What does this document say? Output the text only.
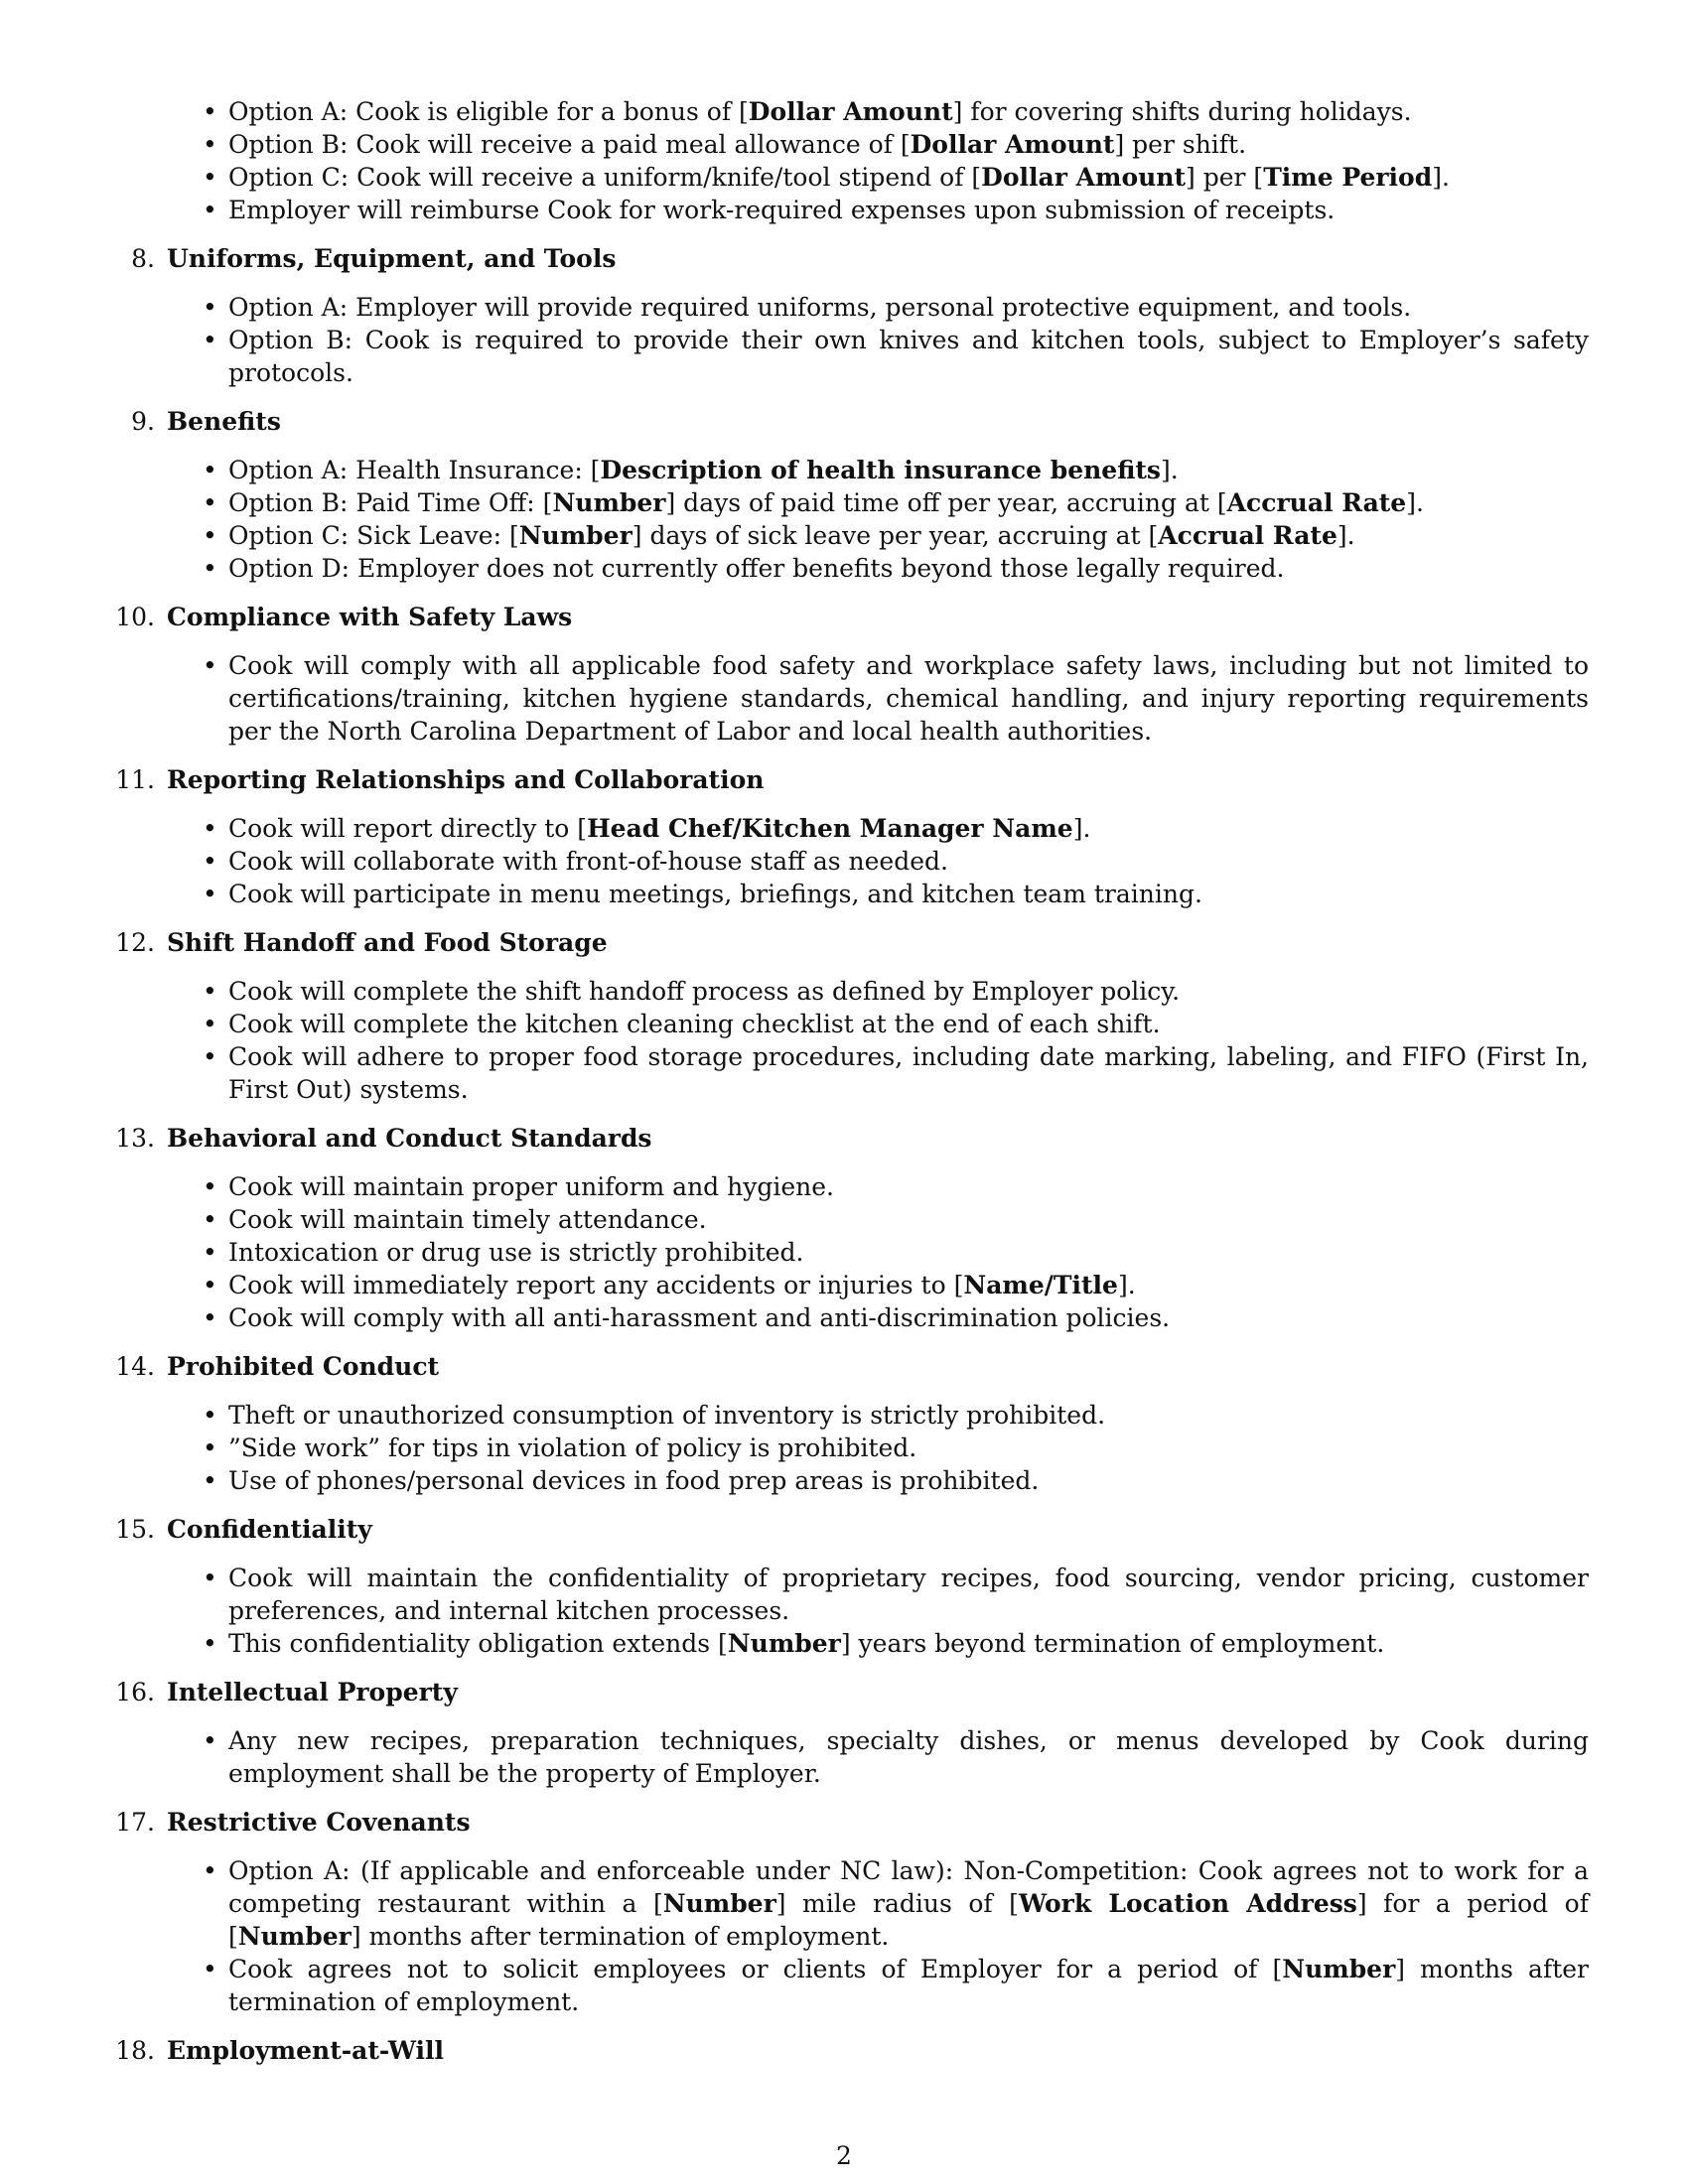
• Option A: Cook is eligible for a bonus of [Dollar Amount] for covering shifts during holidays.
• Option B: Cook will receive a paid meal allowance of [Dollar Amount] per shift.
• Option C: Cook will receive a uniform/knife/tool stipend of [Dollar Amount] per [Time Period].
• Employer will reimburse Cook for work-required expenses upon submission of receipts.
8. Uniforms, Equipment, and Tools
• Option A: Employer will provide required uniforms, personal protective equipment, and tools.
• Option B: Cook is required to provide their own knives and kitchen tools, subject to Employer’s safety protocols.
9. Benefits
• Option A: Health Insurance: [Description of health insurance benefits].
• Option B: Paid Time Off: [Number] days of paid time off per year, accruing at [Accrual Rate].
• Option C: Sick Leave: [Number] days of sick leave per year, accruing at [Accrual Rate].
• Option D: Employer does not currently offer benefits beyond those legally required.
10. Compliance with Safety Laws
• Cook will comply with all applicable food safety and workplace safety laws, including but not limited to certifications/training, kitchen hygiene standards, chemical handling, and injury reporting requirements per the North Carolina Department of Labor and local health authorities.
11. Reporting Relationships and Collaboration
• Cook will report directly to [Head Chef/Kitchen Manager Name].
• Cook will collaborate with front-of-house staff as needed.
• Cook will participate in menu meetings, briefings, and kitchen team training.
12. Shift Handoff and Food Storage
• Cook will complete the shift handoff process as defined by Employer policy.
• Cook will complete the kitchen cleaning checklist at the end of each shift.
• Cook will adhere to proper food storage procedures, including date marking, labeling, and FIFO (First In, First Out) systems.
13. Behavioral and Conduct Standards
• Cook will maintain proper uniform and hygiene.
• Cook will maintain timely attendance.
• Intoxication or drug use is strictly prohibited.
• Cook will immediately report any accidents or injuries to [Name/Title].
• Cook will comply with all anti-harassment and anti-discrimination policies.
14. Prohibited Conduct
• Theft or unauthorized consumption of inventory is strictly prohibited.
• ”Side work” for tips in violation of policy is prohibited.
• Use of phones/personal devices in food prep areas is prohibited.
15. Confidentiality
• Cook will maintain the confidentiality of proprietary recipes, food sourcing, vendor pricing, customer preferences, and internal kitchen processes.
• This confidentiality obligation extends [Number] years beyond termination of employment.
16. Intellectual Property
• Any new recipes, preparation techniques, specialty dishes, or menus developed by Cook during employment shall be the property of Employer.
17. Restrictive Covenants
• Option A: (If applicable and enforceable under NC law): Non-Competition: Cook agrees not to work for a competing restaurant within a [Number] mile radius of [Work Location Address] for a period of [Number] months after termination of employment.
• Cook agrees not to solicit employees or clients of Employer for a period of [Number] months after termination of employment.
18. Employment-at-Will
2
